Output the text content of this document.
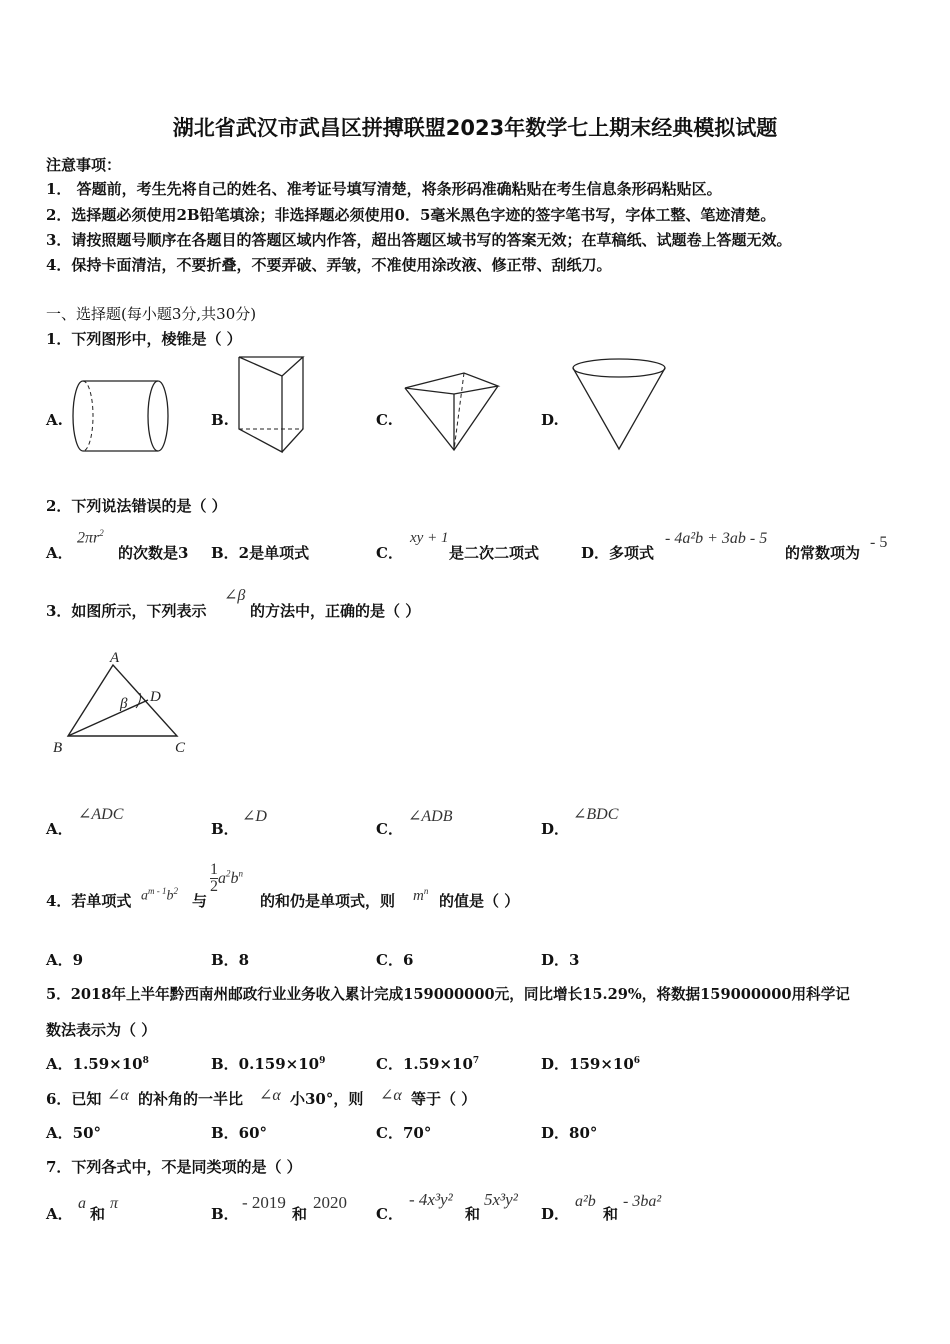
湖北省武汉市武昌区拼搏联盟2023年数学七上期末经典模拟试题
注意事项：
1． 答题前，考生先将自己的姓名、准考证号填写清楚，将条形码准确粘贴在考生信息条形码粘贴区。
2．选择题必须使用2B铅笔填涂；非选择题必须使用0．5毫米黑色字迹的签字笔书写，字体工整、笔迹清楚。
3．请按照题号顺序在各题目的答题区域内作答，超出答题区域书写的答案无效；在草稿纸、试题卷上答题无效。
4．保持卡面清洁，不要折叠，不要弄破、弄皱，不准使用涂改液、修正带、刮纸刀。
一、选择题(每小题3分,共30分)
1．下列图形中，棱锥是（ ）
A.	B.	C.	D.
2．下列说法错误的是（ ）
A．
$2\pi r^2$
的次数是3 B．2是单项式	C．
xy + 1
是二次二项式	D．多项式
- 4a²b + 3ab - 5
的常数项为
- 5
3．如图所示，下列表示
∠β
的方法中，正确的是（ ）
A
B	C
D
β
A．
∠ADC
B．
∠D
C．
∠ADB
D．
∠BDC
4．若单项式 $a^{m - 1}b^2$
与
$\frac{1}{2} a^2b^n$
的和仍是单项式，则 $m^n$
的值是（ ）
A．9	B．8	C．6	D．3
5．2018年上半年黔西南州邮政行业业务收入累计完成159000000元，同比增长15.29%，将数据159000000用科学记
数法表示为（ ）
A．$1.59\times 10^8$	B．$0.159\times 10^9$	C．$1.59\times 10^7$	D．$159\times 10^6$
6．已知 ∠α 的补角的一半比 ∠α 小30°，则 ∠α 等于（ ）
A．50°	B．60°	C．70°	D．80°
7．下列各式中，不是同类项的是（ ）
A．
a
和
π
B．
- 2019
和
2020
C．
- 4x³y²
和
5x³y²
D．
a²b
和
- 3ba²
